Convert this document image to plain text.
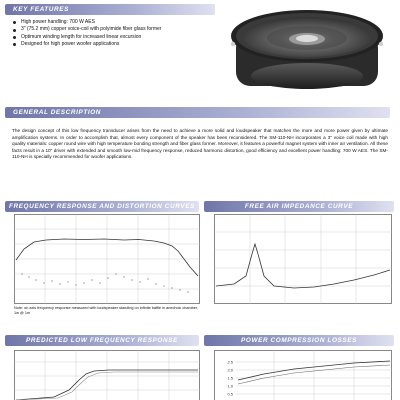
KEY FEATURES
High power handling: 700 W AES
3" (75.2 mm) copper voice-coil with polyimide fiber glass former
Optimum winding length for increased linear excursion
Designed for high power woofer applications
GENERAL DESCRIPTION

The design concept of this low frequency transducer arises from the need to achieve a more solid and loudspeaker that matches the more and more power given by ultimate amplification systems. In order to accomplish that, almost every component of the speaker has been reconsidered. The SM-110-NH incorporates a 3" voice coil made with high quality materials: copper round wire with high temperature bonding strength and fiber glass former. Moreover, it features a powerful magnet system with inner air ventilation. All these facts result in a 10" driver with extended and smooth low-mid frequency response, reduced harmonic distortion, good efficiency and excellent power handling: 700 W AES. The SM-110-NH is specially recommended for woofer applications.

FREQUENCY RESPONSE AND DISTORTION CURVES	FREE AIR IMPEDANCE CURVE

Note: on axis frequency response measured with loudspeaker standing on infinite baffle in anechoic chamber, 1w @ 1m

PREDICTED LOW FREQUENCY RESPONSE	POWER COMPRESSION LOSSES
2.5
2.0
1.5
1.0
0.5
